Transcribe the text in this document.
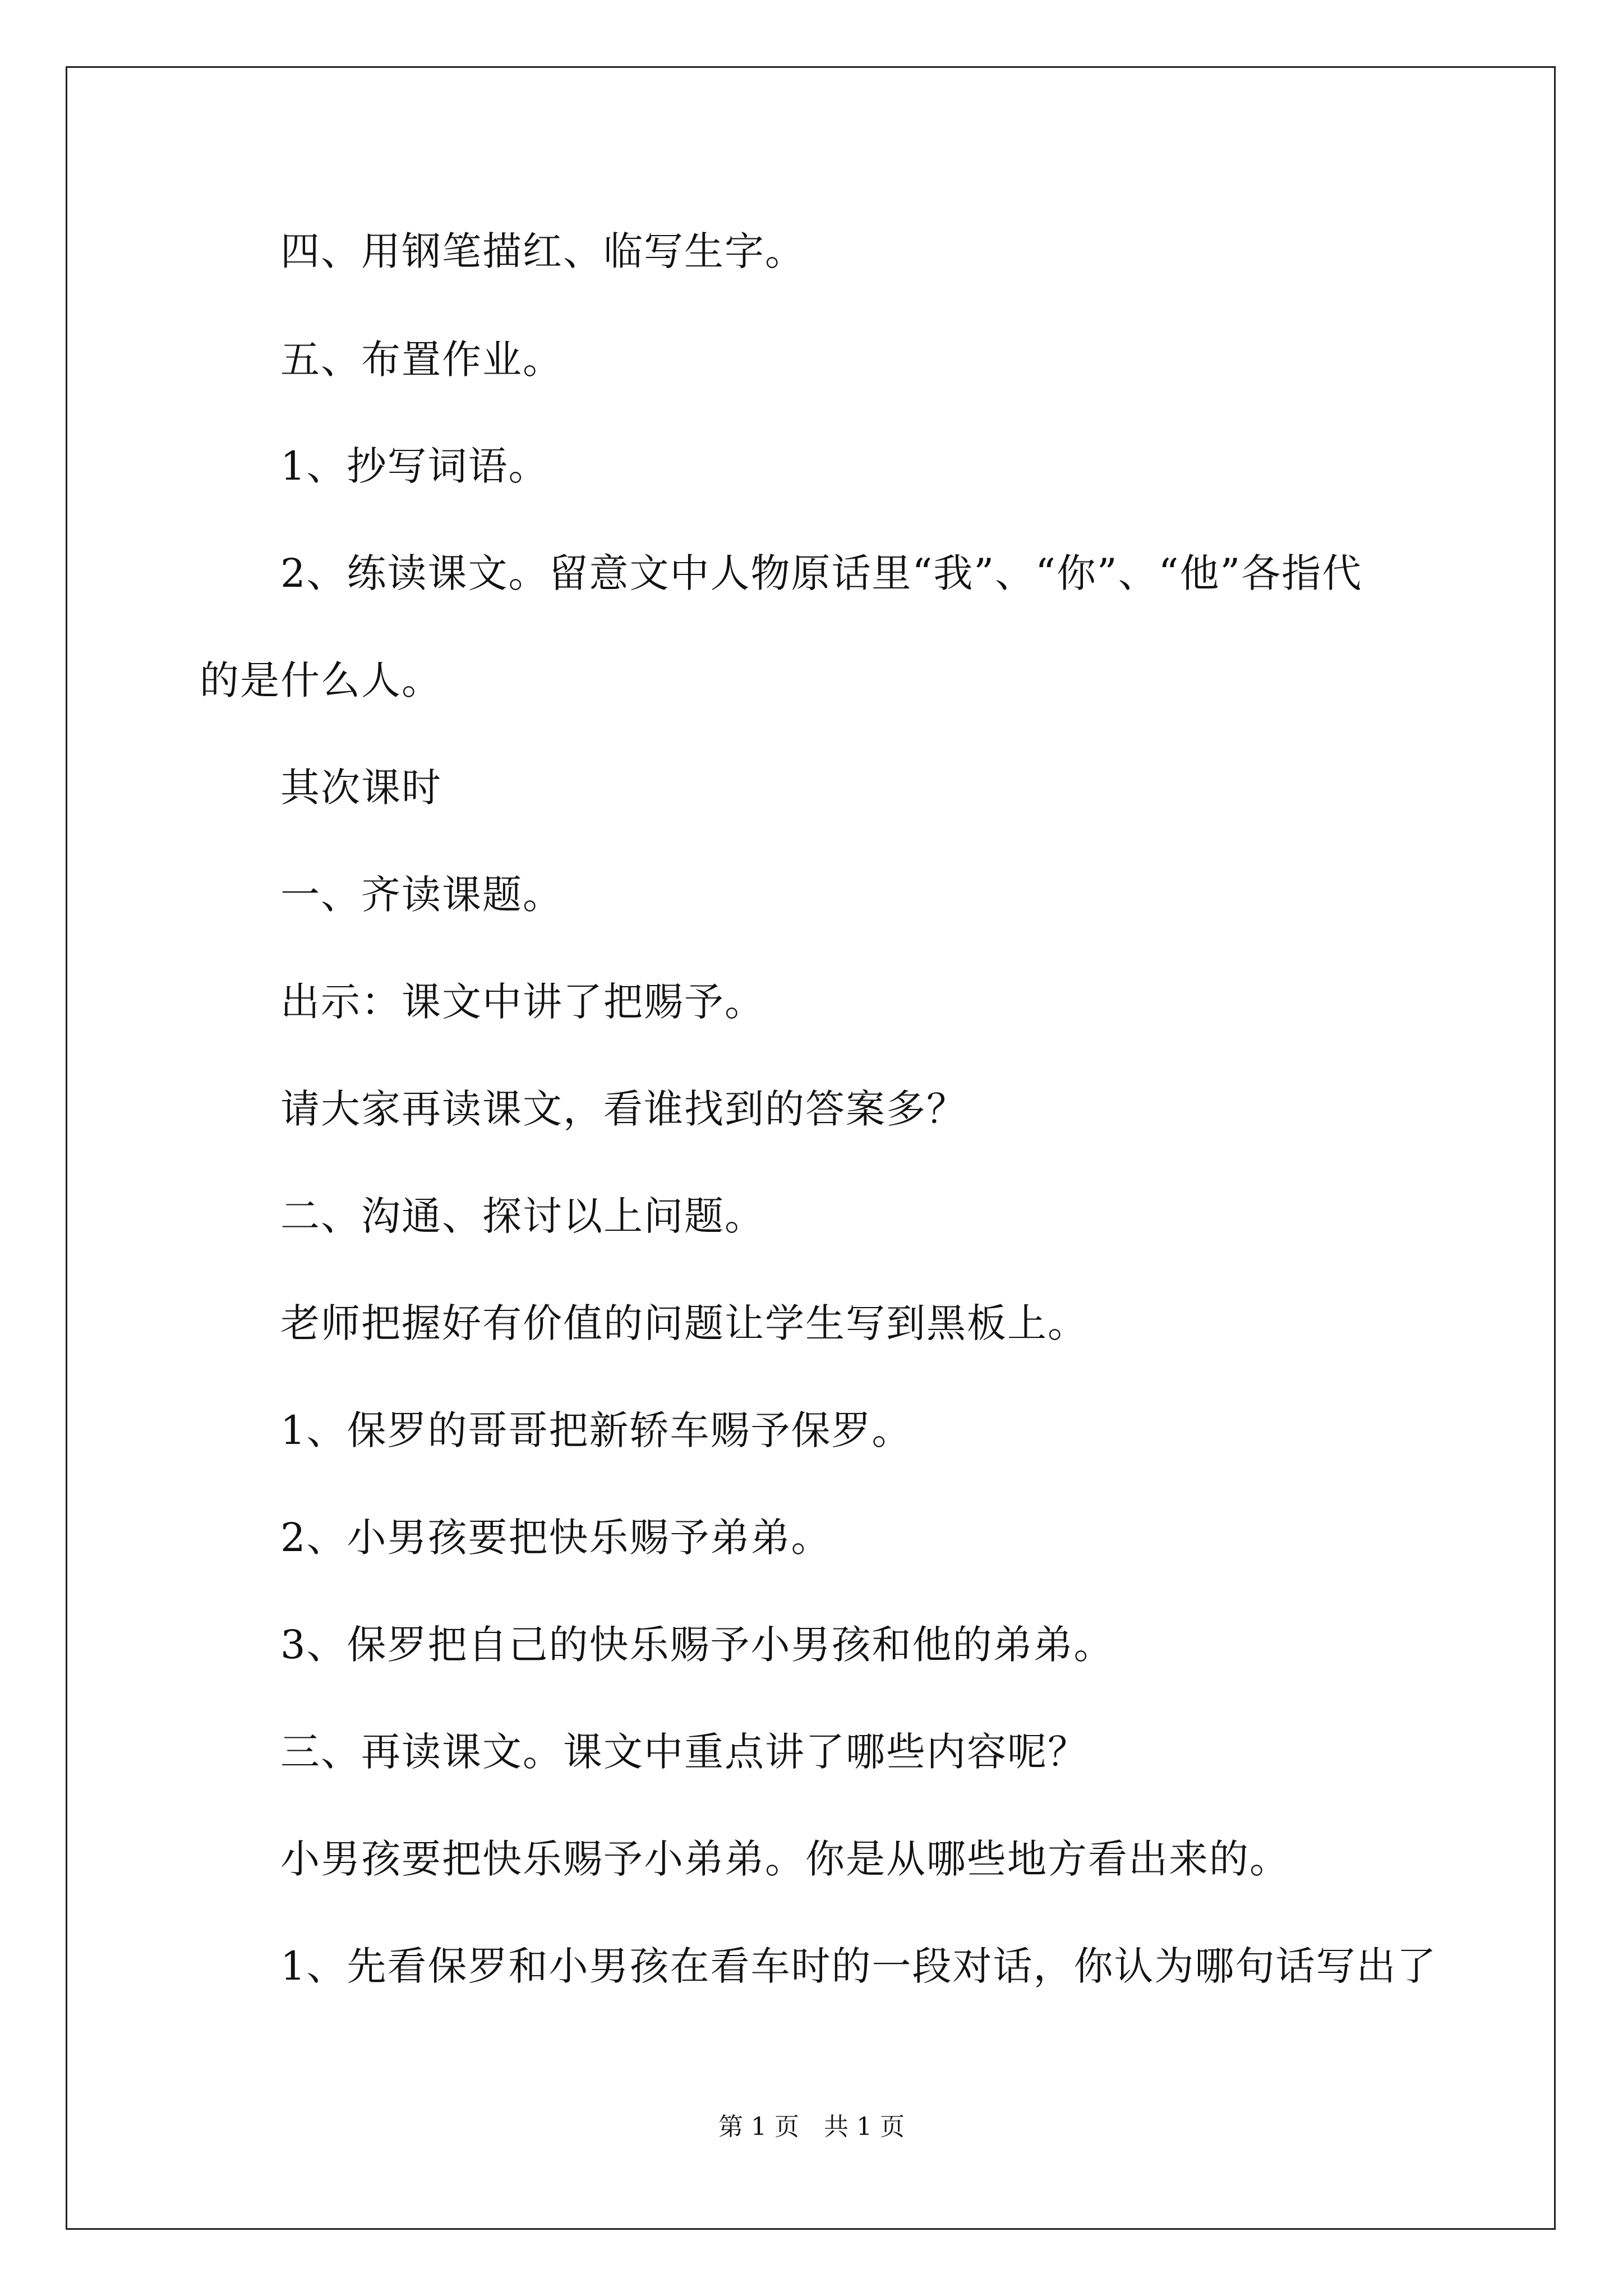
四、用钢笔描红、临写生字。
五、布置作业。
1、抄写词语。
2、练读课文。留意文中人物原话里“我”、“你”、“他”各指代
的是什么人。
其次课时
一、齐读课题。
出示：课文中讲了把赐予。
请大家再读课文，看谁找到的答案多？
二、沟通、探讨以上问题。
老师把握好有价值的问题让学生写到黑板上。
1、保罗的哥哥把新轿车赐予保罗。
2、小男孩要把快乐赐予弟弟。
3、保罗把自己的快乐赐予小男孩和他的弟弟。
三、再读课文。课文中重点讲了哪些内容呢？
小男孩要把快乐赐予小弟弟。你是从哪些地方看出来的。
1、先看保罗和小男孩在看车时的一段对话，你认为哪句话写出了
第 1 页　共 1 页
